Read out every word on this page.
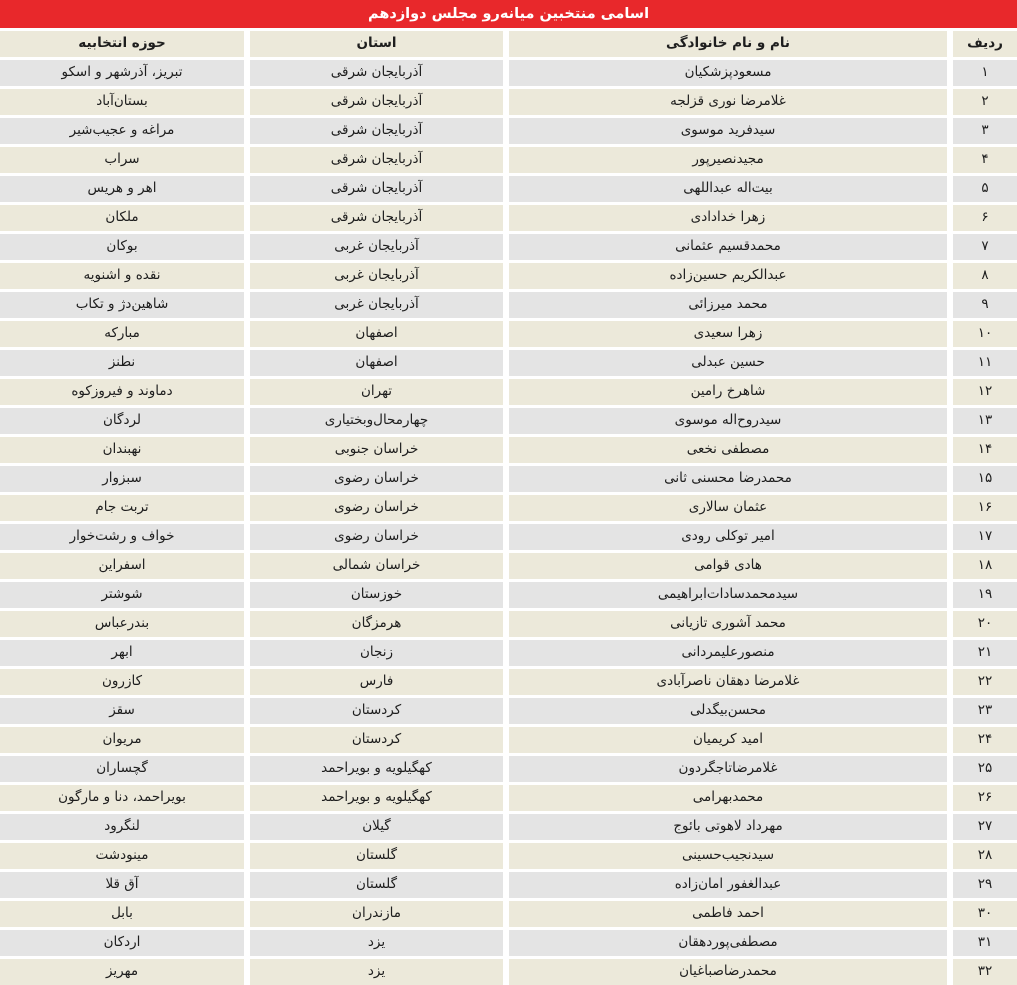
اسامی منتخبین میانه‌رو مجلس دوازدهم
ردیف
نام و نام خانوادگی
استان
حوزه انتخابیه
۱
مسعودپزشکیان
آذربایجان شرقی
تبریز، آذرشهر و اسکو
۲
غلامرضا نوری قزلجه
آذربایجان شرقی
بستان‌آباد
۳
سیدفرید موسوی
آذربایجان شرقی
مراغه و عجیب‌شیر
۴
مجیدنصیرپور
آذربایجان شرقی
سراب
۵
بیت‌اله عبداللهی
آذربایجان شرقی
اهر و هریس
۶
زهرا خدادادی
آذربایجان شرقی
ملکان
۷
محمدقسیم عثمانی
آذربایجان غربی
بوکان
۸
عبدالکریم حسین‌زاده
آذربایجان غربی
نقده و اشنویه
۹
محمد میرزائی
آذربایجان غربی
شاهین‌دژ و تکاب
۱۰
زهرا سعیدی
اصفهان
مبارکه
۱۱
حسین عبدلی
اصفهان
نطنز
۱۲
شاهرخ رامین
تهران
دماوند و فیروزکوه
۱۳
سیدروح‌اله موسوی
چهارمحال‌وبختیاری
لردگان
۱۴
مصطفی نخعی
خراسان جنوبی
نهبندان
۱۵
محمدرضا محسنی ثانی
خراسان رضوی
سبزوار
۱۶
عثمان سالاری
خراسان رضوی
تربت جام
۱۷
امیر توکلی رودی
خراسان رضوی
خواف و رشت‌خوار
۱۸
هادی قوامی
خراسان شمالی
اسفراین
۱۹
سیدمحمدسادات‌ابراهیمی
خوزستان
شوشتر
۲۰
محمد آشوری تازیانی
هرمزگان
بندرعباس
۲۱
منصورعلیمردانی
زنجان
ابهر
۲۲
غلامرضا دهقان ناصرآبادی
فارس
کازرون
۲۳
محسن‌بیگدلی
کردستان
سقز
۲۴
امید کریمیان
کردستان
مریوان
۲۵
غلامرضاتاجگردون
کهگیلویه و بویراحمد
گچساران
۲۶
محمدبهرامی
کهگیلویه و بویراحمد
بویراحمد، دنا و مارگون
۲۷
مهرداد لاهوتی بائوج
گیلان
لنگرود
۲۸
سیدنجیب‌حسینی
گلستان
مینودشت
۲۹
عبدالغفور امان‌زاده
گلستان
آق قلا
۳۰
احمد فاطمی
مازندران
بابل
۳۱
مصطفی‌پوردهقان
یزد
اردکان
۳۲
محمدرضاصباغیان
یزد
مهریز
